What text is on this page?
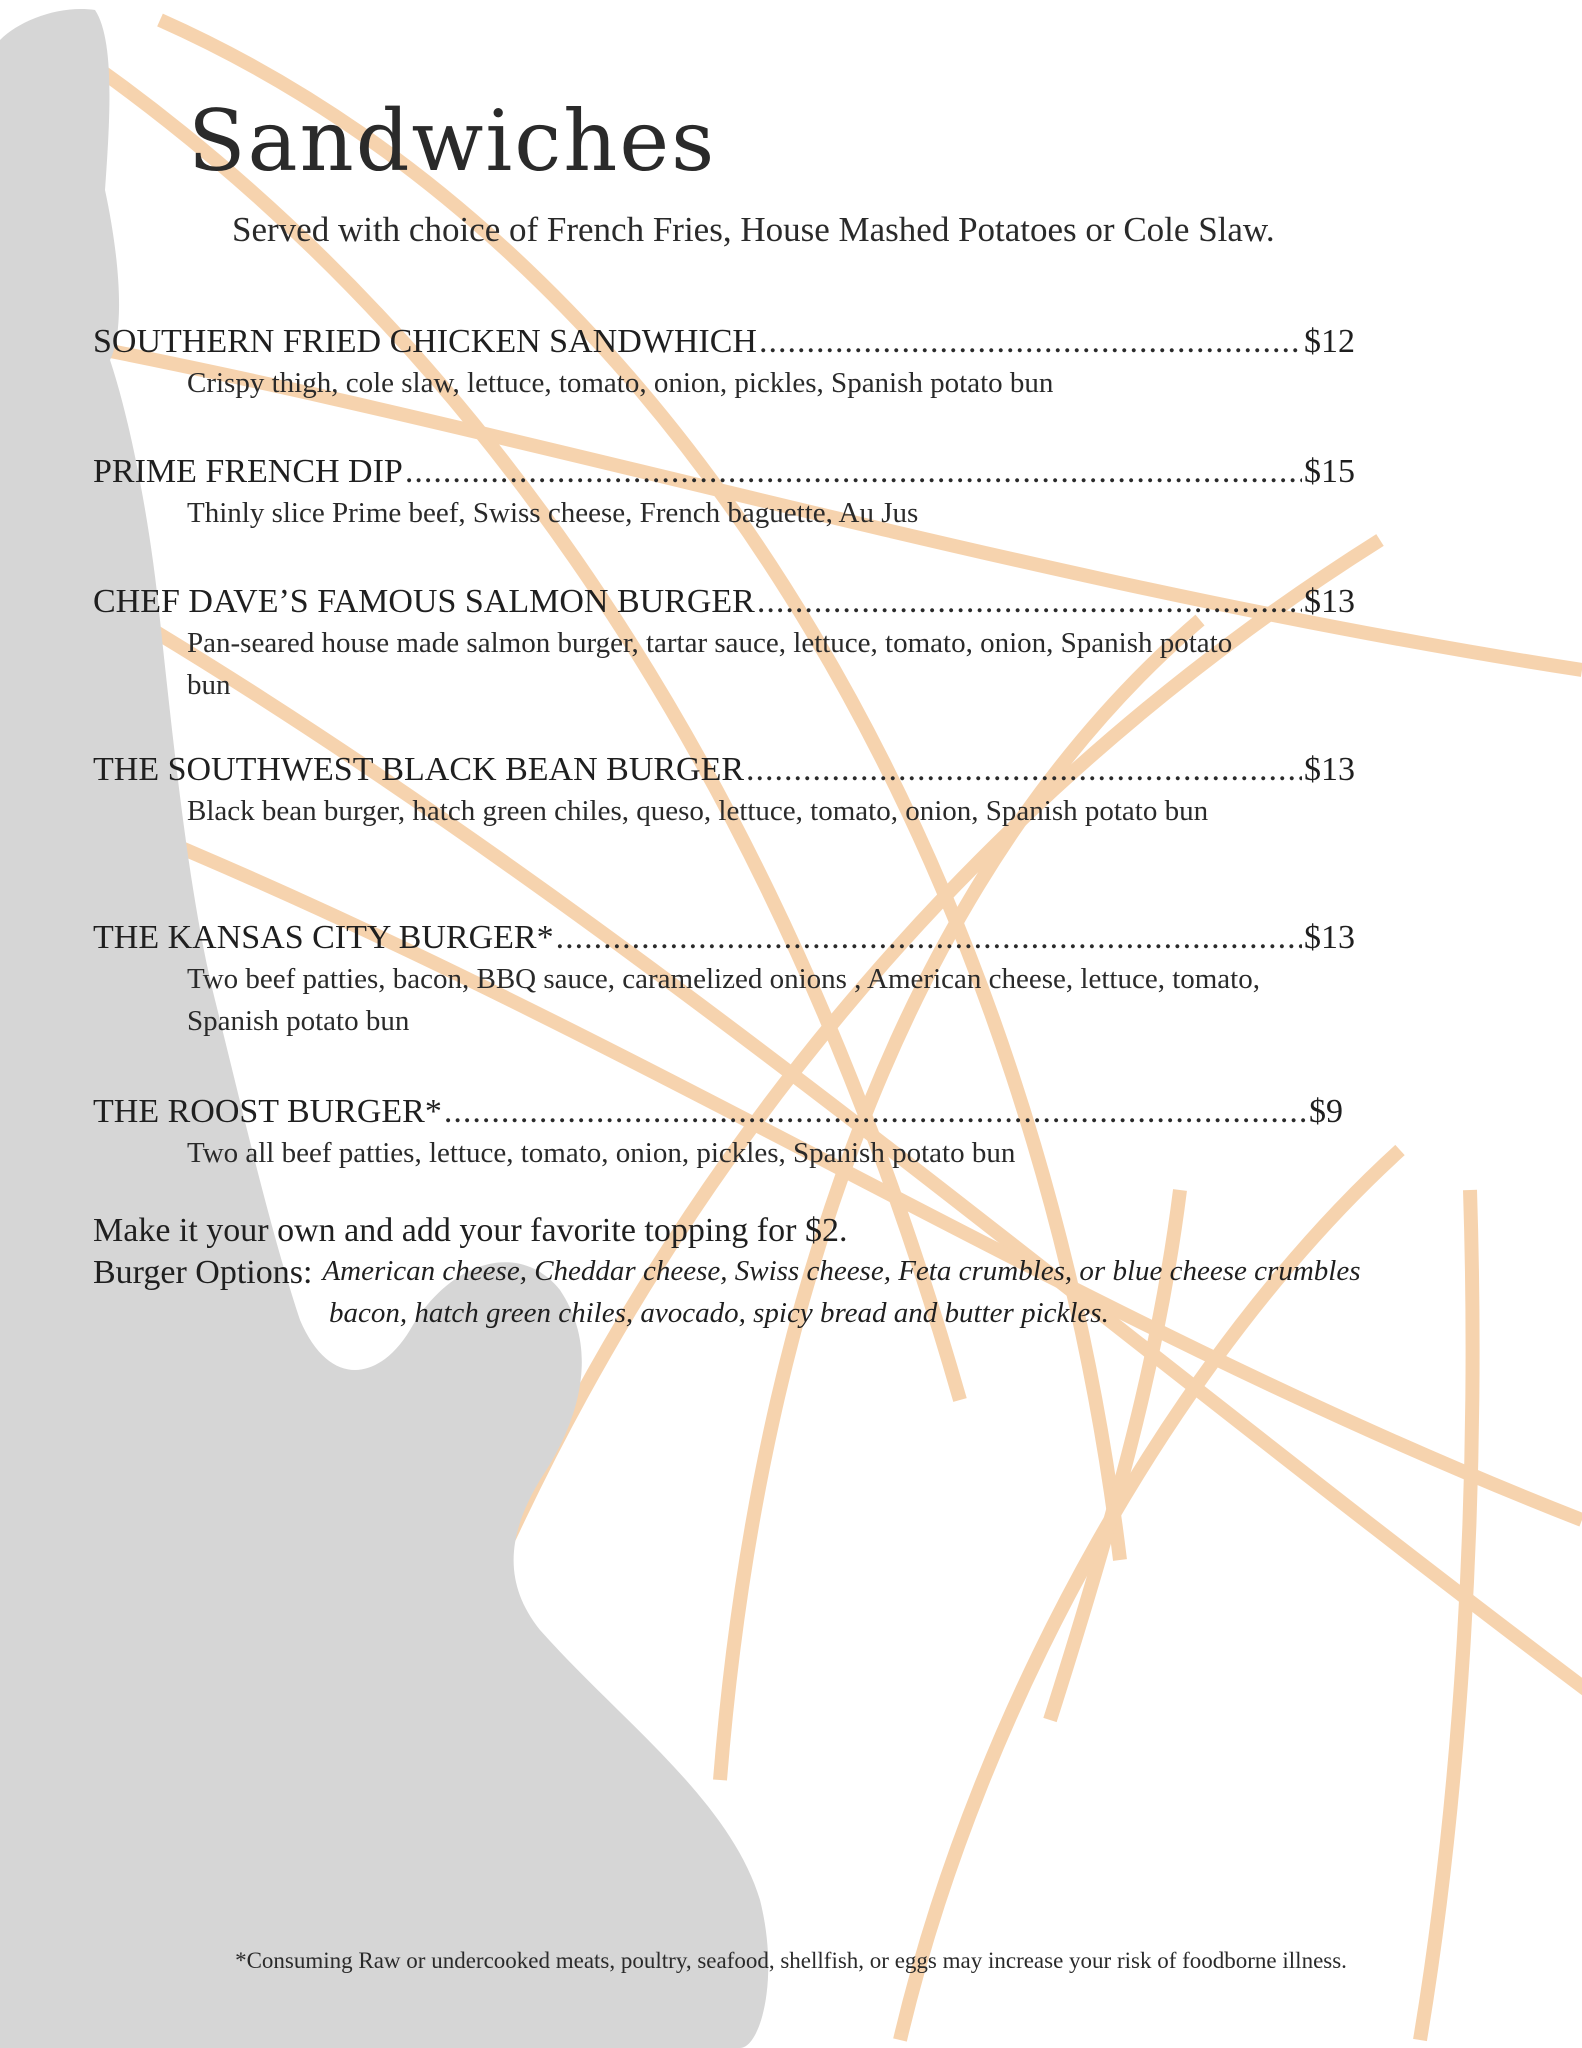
Sandwiches
Served with choice of French Fries, House Mashed Potatoes or Cole Slaw.
SOUTHERN FRIED CHICKEN SANDWHICH .....	$12
Crispy thigh, cole slaw, lettuce, tomato, onion, pickles, Spanish potato bun
PRIME FRENCH DIP .....	$15
Thinly slice Prime beef, Swiss cheese, French baguette, Au Jus
CHEF DAVE’S FAMOUS SALMON BURGER .....	$13
Pan-seared house made salmon burger, tartar sauce, lettuce, tomato, onion, Spanish potato bun
THE SOUTHWEST BLACK BEAN BURGER .....	$13
Black bean burger, hatch green chiles, queso, lettuce, tomato, onion, Spanish potato bun
THE KANSAS CITY BURGER* .....	$13
Two beef patties, bacon, BBQ sauce, caramelized onions , American cheese, lettuce, tomato, Spanish potato bun
THE ROOST BURGER* .....	$9
Two all beef patties, lettuce, tomato, onion, pickles, Spanish potato bun
Make it your own and add your favorite topping for $2.
Burger Options: American cheese, Cheddar cheese, Swiss cheese, Feta crumbles, or blue cheese crumbles
bacon, hatch green chiles, avocado, spicy bread and butter pickles.
*Consuming Raw or undercooked meats, poultry, seafood, shellfish, or eggs may increase your risk of foodborne illness.
